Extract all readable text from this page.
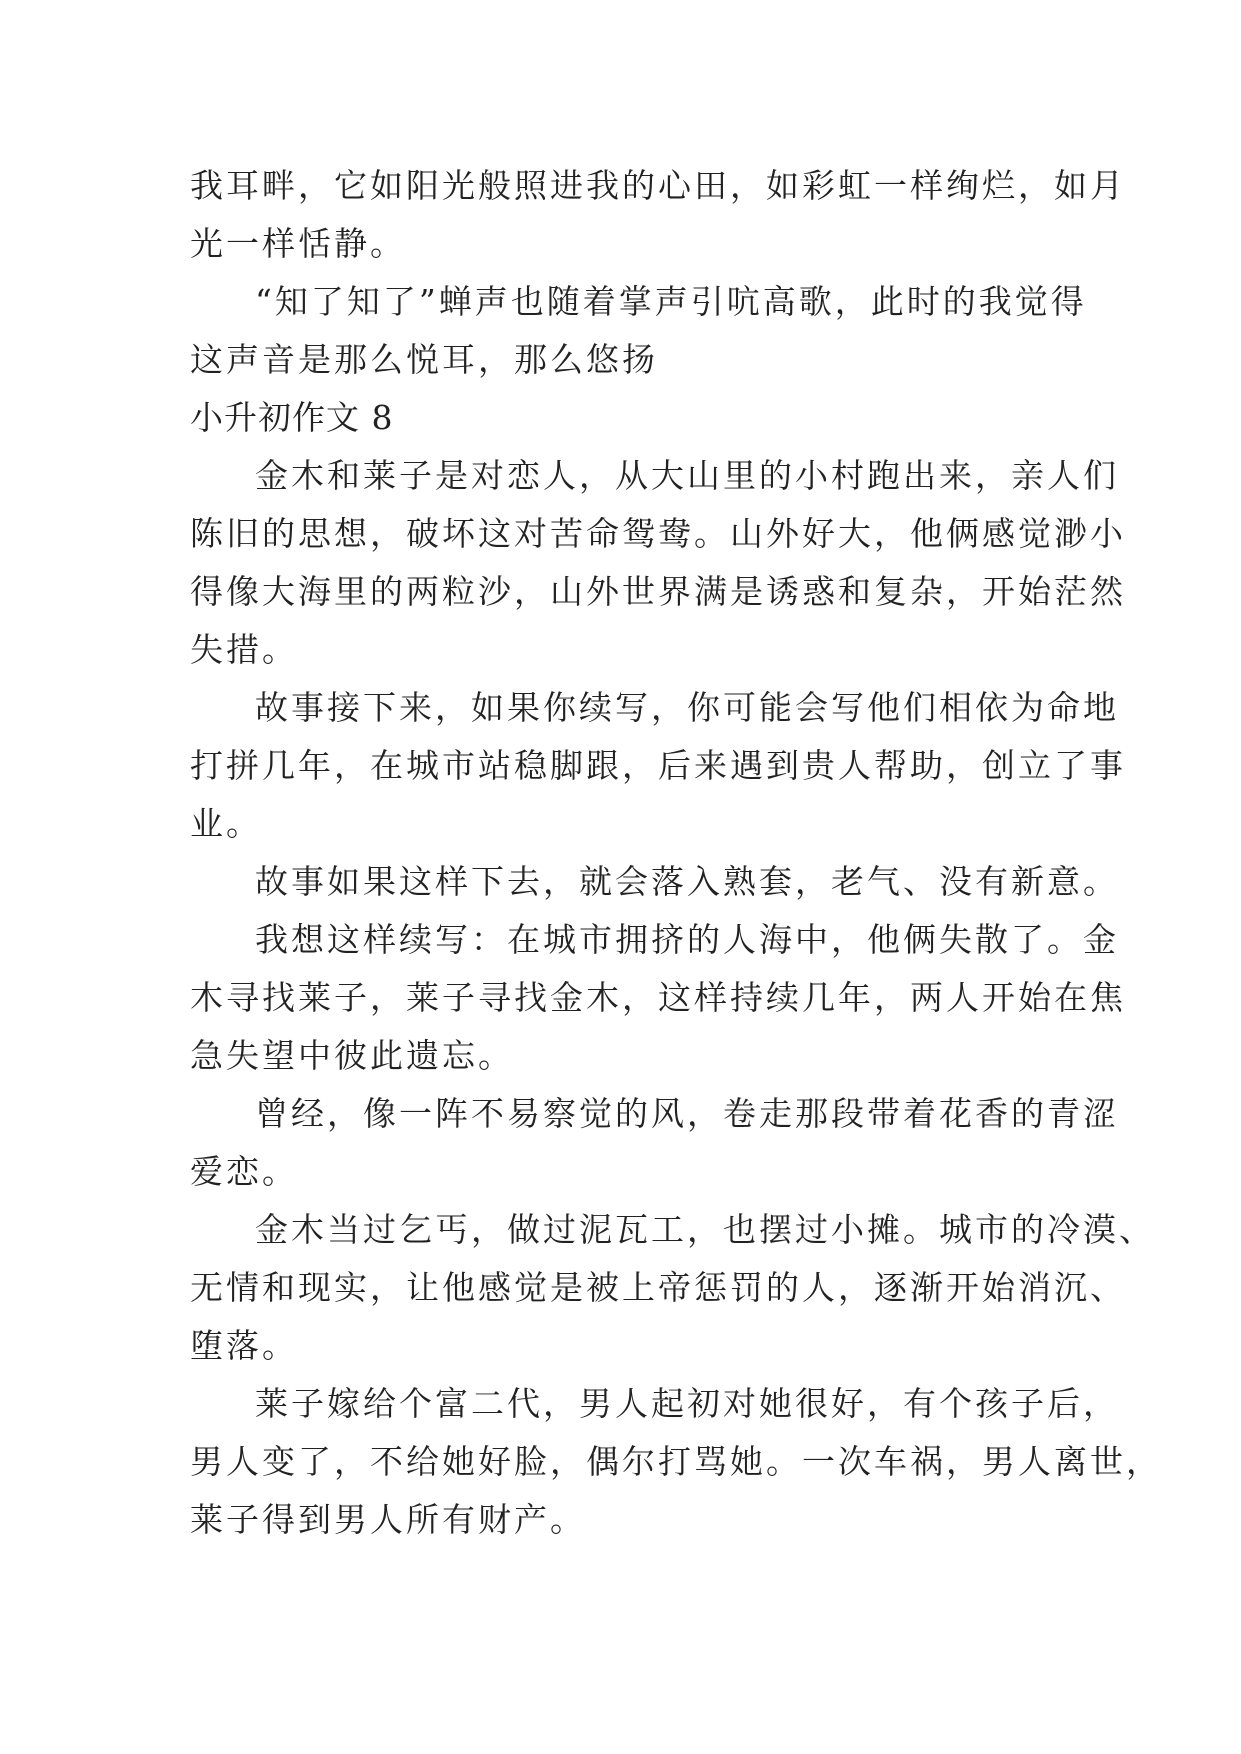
我耳畔，它如阳光般照进我的心田，如彩虹一样绚烂，如月
光一样恬静。
“知了知了”蝉声也随着掌声引吭高歌，此时的我觉得
这声音是那么悦耳，那么悠扬
小升初作文 8
金木和莱子是对恋人，从大山里的小村跑出来，亲人们
陈旧的思想，破坏这对苦命鸳鸯。山外好大，他俩感觉渺小
得像大海里的两粒沙，山外世界满是诱惑和复杂，开始茫然
失措。
故事接下来，如果你续写，你可能会写他们相依为命地
打拼几年，在城市站稳脚跟，后来遇到贵人帮助，创立了事
业。
故事如果这样下去，就会落入熟套，老气、没有新意。
我想这样续写：在城市拥挤的人海中，他俩失散了。金
木寻找莱子，莱子寻找金木，这样持续几年，两人开始在焦
急失望中彼此遗忘。
曾经，像一阵不易察觉的风，卷走那段带着花香的青涩
爱恋。
金木当过乞丐，做过泥瓦工，也摆过小摊。城市的冷漠、
无情和现实，让他感觉是被上帝惩罚的人，逐渐开始消沉、
堕落。
莱子嫁给个富二代，男人起初对她很好，有个孩子后，
男人变了，不给她好脸，偶尔打骂她。一次车祸，男人离世，
莱子得到男人所有财产。
